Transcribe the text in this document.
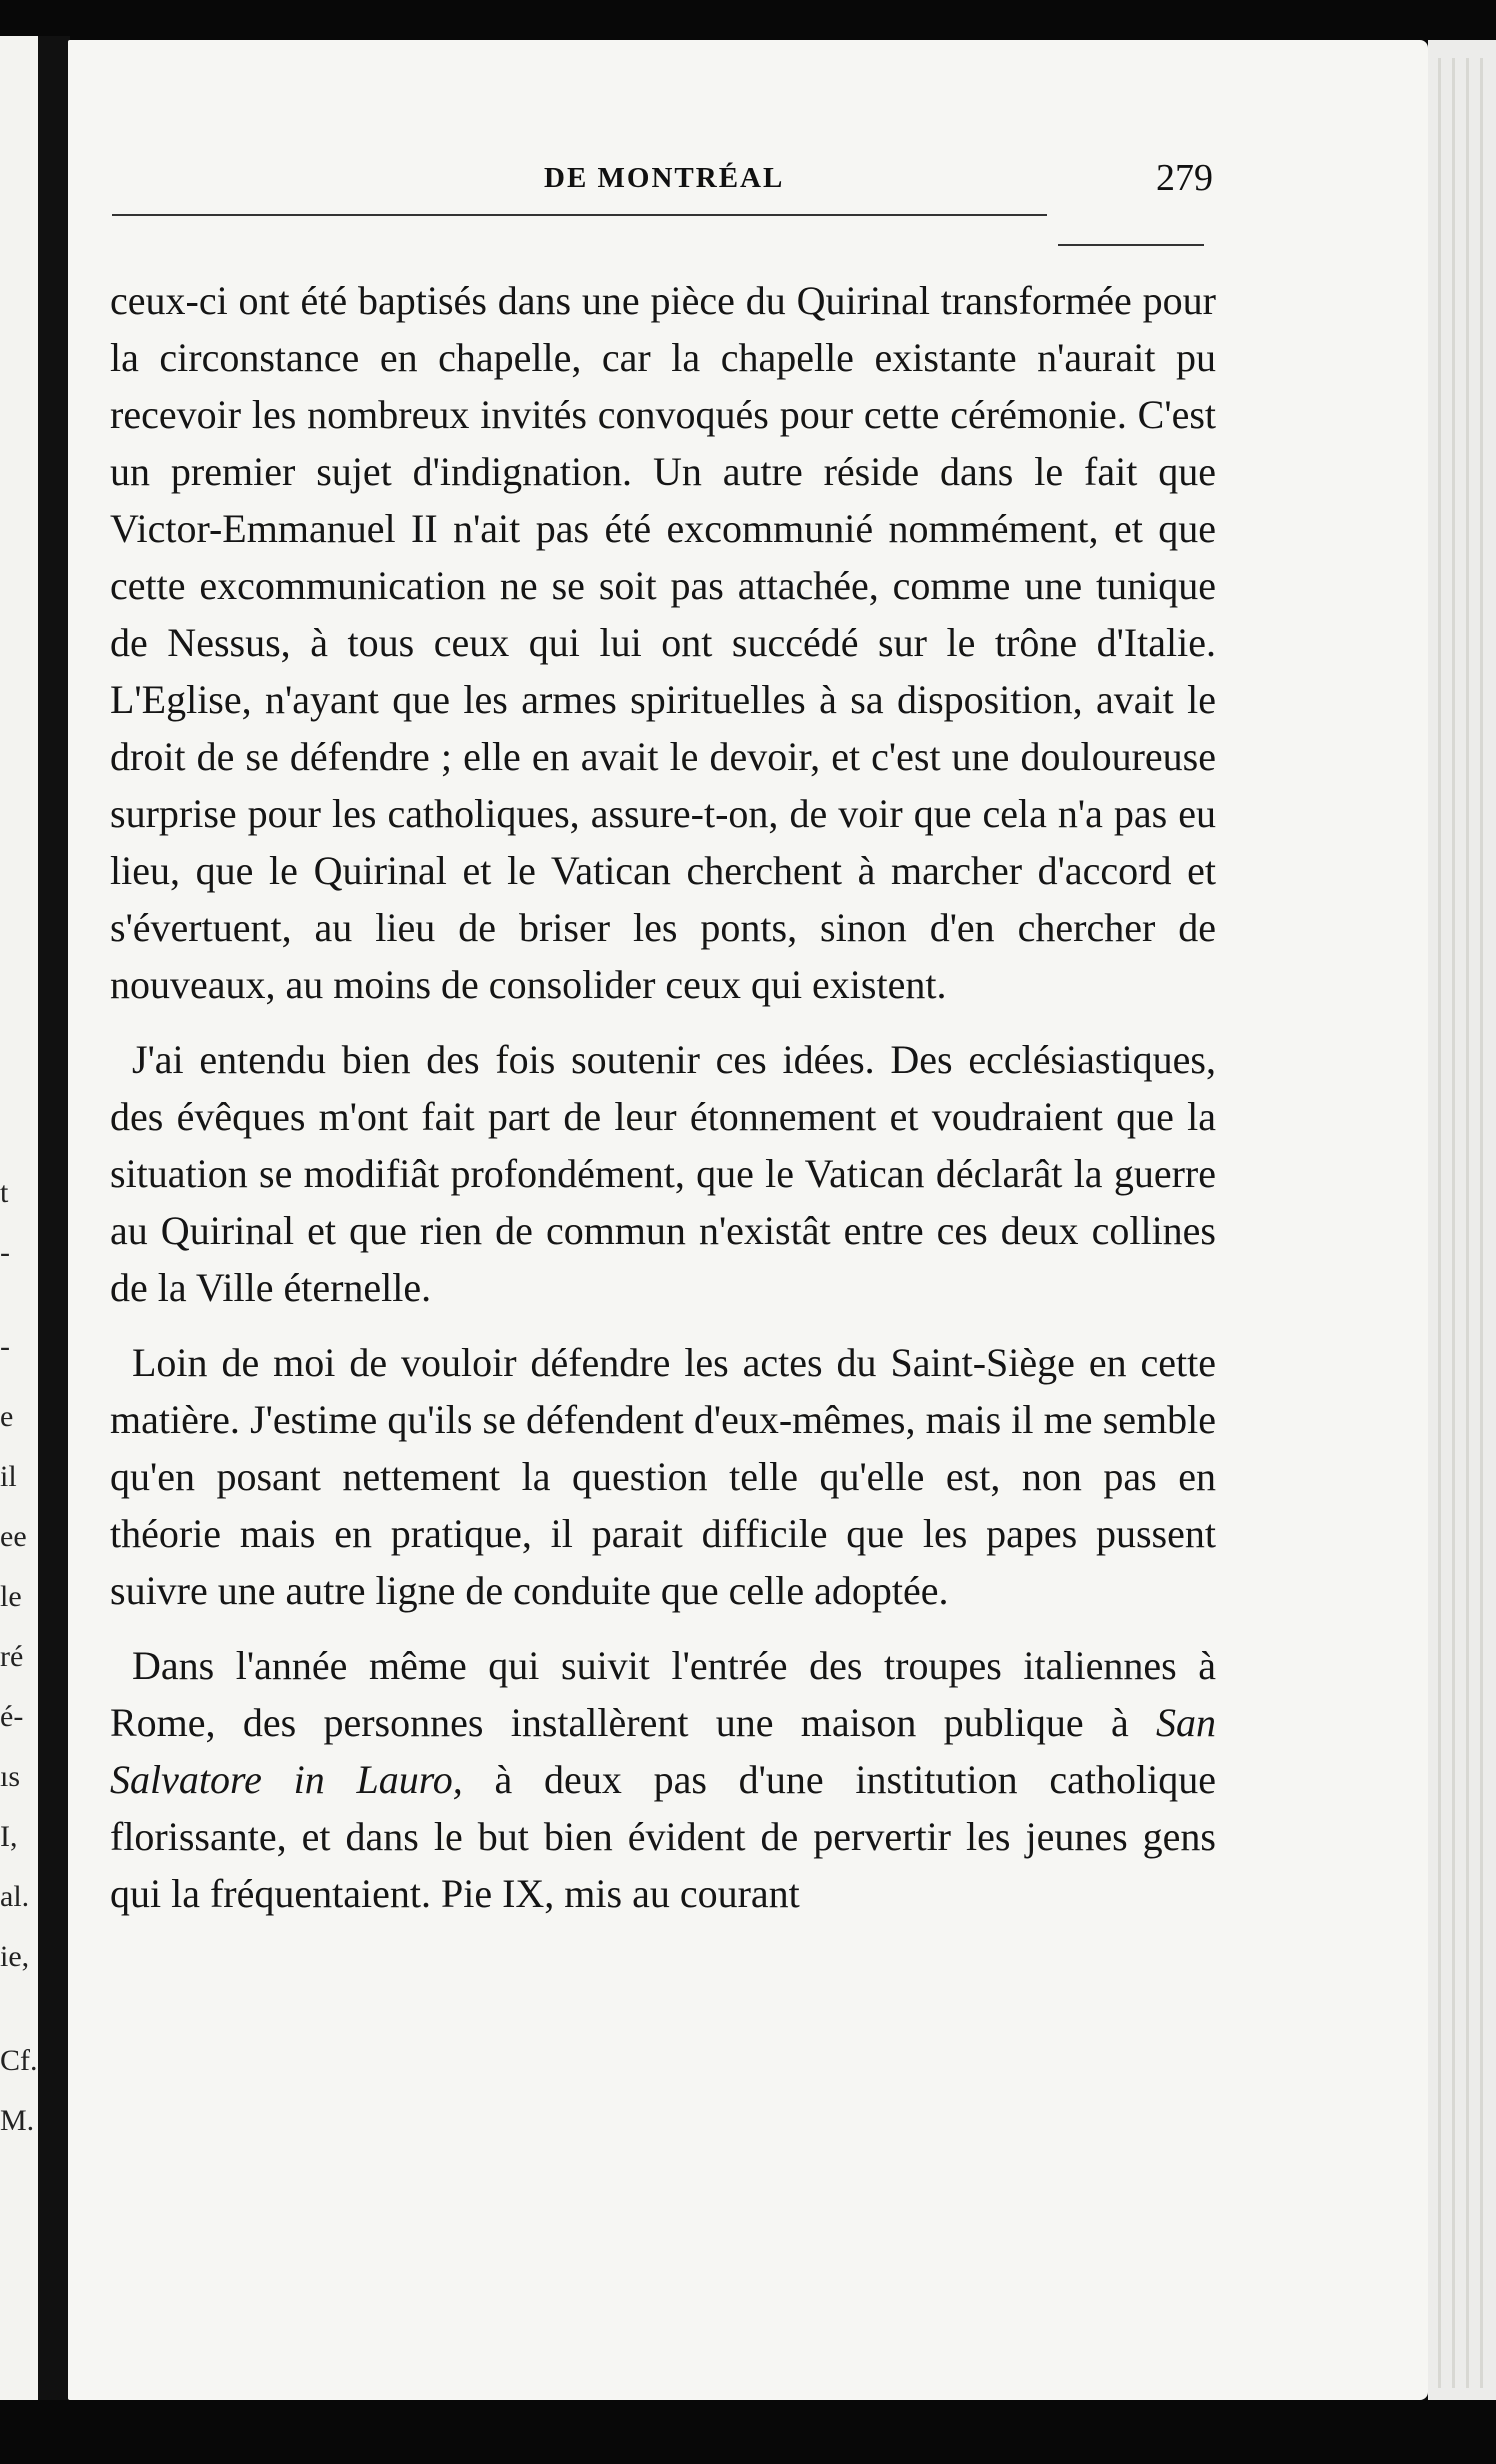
t
-
-
e
il
ee
le
ré
é-
ıs
I,
al.
ie,
Cf.
M.
DE MONTRÉAL	279

ceux-ci ont été baptisés dans une pièce du Quirinal transformée pour la circonstance en chapelle, car la chapelle existante n'aurait pu recevoir les nombreux invités convoqués pour cette cérémonie. C'est un premier sujet d'indignation. Un autre réside dans le fait que Victor-Emmanuel II n'ait pas été excommunié nommément, et que cette excommunication ne se soit pas attachée, comme une tunique de Nessus, à tous ceux qui lui ont succédé sur le trône d'Italie. L'Eglise, n'ayant que les armes spirituelles à sa disposition, avait le droit de se défendre ; elle en avait le devoir, et c'est une douloureuse surprise pour les catholiques, assure-t-on, de voir que cela n'a pas eu lieu, que le Quirinal et le Vatican cherchent à marcher d'accord et s'évertuent, au lieu de briser les ponts, sinon d'en chercher de nouveaux, au moins de consolider ceux qui existent.

J'ai entendu bien des fois soutenir ces idées. Des ecclésiastiques, des évêques m'ont fait part de leur étonnement et voudraient que la situation se modifiât profondément, que le Vatican déclarât la guerre au Quirinal et que rien de commun n'existât entre ces deux collines de la Ville éternelle.

Loin de moi de vouloir défendre les actes du Saint-Siège en cette matière. J'estime qu'ils se défendent d'eux-mêmes, mais il me semble qu'en posant nettement la question telle qu'elle est, non pas en théorie mais en pratique, il parait difficile que les papes pussent suivre une autre ligne de conduite que celle adoptée.

Dans l'année même qui suivit l'entrée des troupes italiennes à Rome, des personnes installèrent une maison publique à San Salvatore in Lauro, à deux pas d'une institution catholique florissante, et dans le but bien évident de pervertir les jeunes gens qui la fréquentaient. Pie IX, mis au courant
